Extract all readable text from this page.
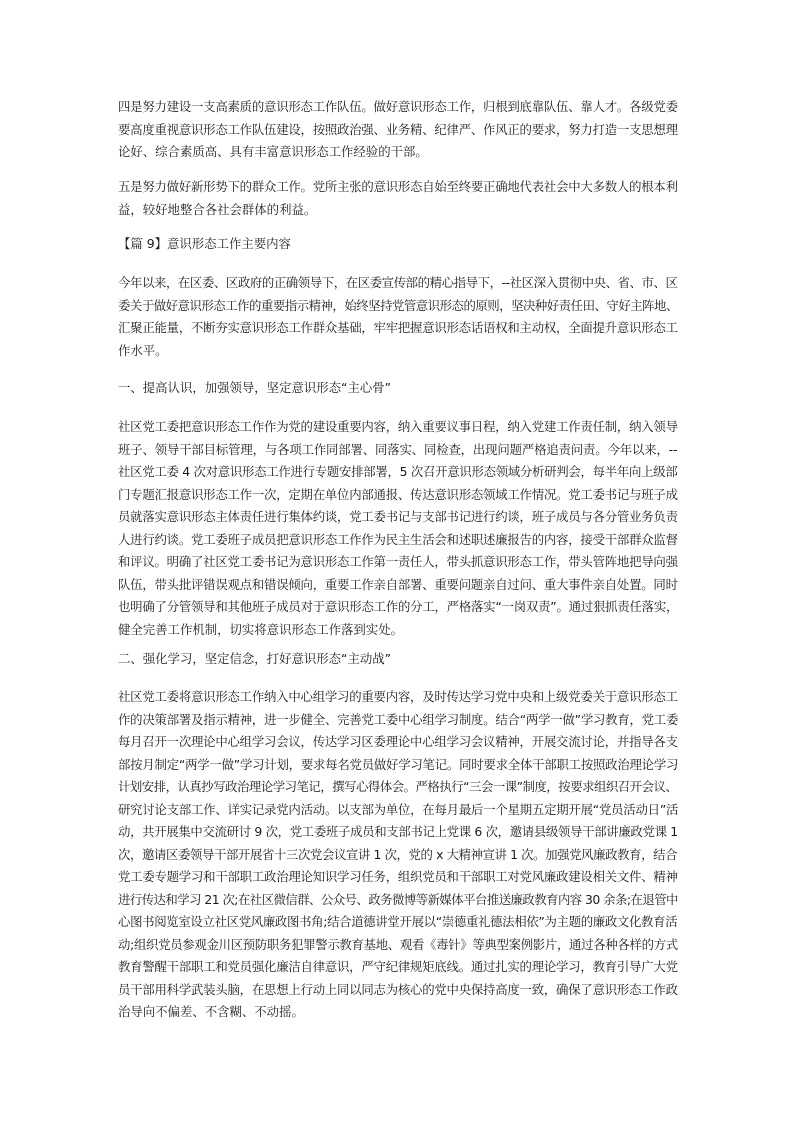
四是努力建设一支高素质的意识形态工作队伍。做好意识形态工作，归根到底靠队伍、靠人才。各级党委
要高度重视意识形态工作队伍建设，按照政治强、业务精、纪律严、作风正的要求，努力打造一支思想理
论好、综合素质高、具有丰富意识形态工作经验的干部。

五是努力做好新形势下的群众工作。党所主张的意识形态自始至终要正确地代表社会中大多数人的根本利
益，较好地整合各社会群体的利益。

【篇 9】意识形态工作主要内容

今年以来，在区委、区政府的正确领导下，在区委宣传部的精心指导下，--社区深入贯彻中央、省、市、区
委关于做好意识形态工作的重要指示精神，始终坚持党管意识形态的原则，坚决种好责任田、守好主阵地、
汇聚正能量，不断夯实意识形态工作群众基础，牢牢把握意识形态话语权和主动权，全面提升意识形态工
作水平。

一、提高认识，加强领导，坚定意识形态“主心骨”

社区党工委把意识形态工作作为党的建设重要内容，纳入重要议事日程，纳入党建工作责任制，纳入领导
班子、领导干部目标管理，与各项工作同部署、同落实、同检查，出现问题严格追责问责。今年以来，--
社区党工委 4 次对意识形态工作进行专题安排部署，5 次召开意识形态领域分析研判会，每半年向上级部
门专题汇报意识形态工作一次，定期在单位内部通报、传达意识形态领域工作情况。党工委书记与班子成
员就落实意识形态主体责任进行集体约谈，党工委书记与支部书记进行约谈，班子成员与各分管业务负责
人进行约谈。党工委班子成员把意识形态工作作为民主生活会和述职述廉报告的内容，接受干部群众监督
和评议。明确了社区党工委书记为意识形态工作第一责任人，带头抓意识形态工作，带头管阵地把导向强
队伍，带头批评错误观点和错误倾向，重要工作亲自部署、重要问题亲自过问、重大事件亲自处置。同时
也明确了分管领导和其他班子成员对于意识形态工作的分工，严格落实“一岗双责”。通过狠抓责任落实，
健全完善工作机制，切实将意识形态工作落到实处。

二、强化学习，坚定信念，打好意识形态“主动战”

社区党工委将意识形态工作纳入中心组学习的重要内容，及时传达学习党中央和上级党委关于意识形态工
作的决策部署及指示精神，进一步健全、完善党工委中心组学习制度。结合“两学一做”学习教育，党工委
每月召开一次理论中心组学习会议，传达学习区委理论中心组学习会议精神，开展交流讨论，并指导各支
部按月制定“两学一做”学习计划，要求每名党员做好学习笔记。同时要求全体干部职工按照政治理论学习
计划安排，认真抄写政治理论学习笔记，撰写心得体会。严格执行“三会一课”制度，按要求组织召开会议、
研究讨论支部工作、详实记录党内活动。以支部为单位，在每月最后一个星期五定期开展“党员活动日”活
动，共开展集中交流研讨 9 次，党工委班子成员和支部书记上党课 6 次，邀请县级领导干部讲廉政党课 1
次，邀请区委领导干部开展省十三次党会议宣讲 1 次，党的 x 大精神宣讲 1 次。加强党风廉政教育，结合
党工委专题学习和干部职工政治理论知识学习任务，组织党员和干部职工对党风廉政建设相关文件、精神
进行传达和学习 21 次;在社区微信群、公众号、政务微博等新媒体平台推送廉政教育内容 30 余条;在退管中
心图书阅览室设立社区党风廉政图书角;结合道德讲堂开展以“崇德重礼德法相依”为主题的廉政文化教育活
动;组织党员参观金川区预防职务犯罪警示教育基地、观看《毒针》等典型案例影片，通过各种各样的方式
教育警醒干部职工和党员强化廉洁自律意识，严守纪律规矩底线。通过扎实的理论学习，教育引导广大党
员干部用科学武装头脑，在思想上行动上同以同志为核心的党中央保持高度一致，确保了意识形态工作政
治导向不偏差、不含糊、不动摇。
